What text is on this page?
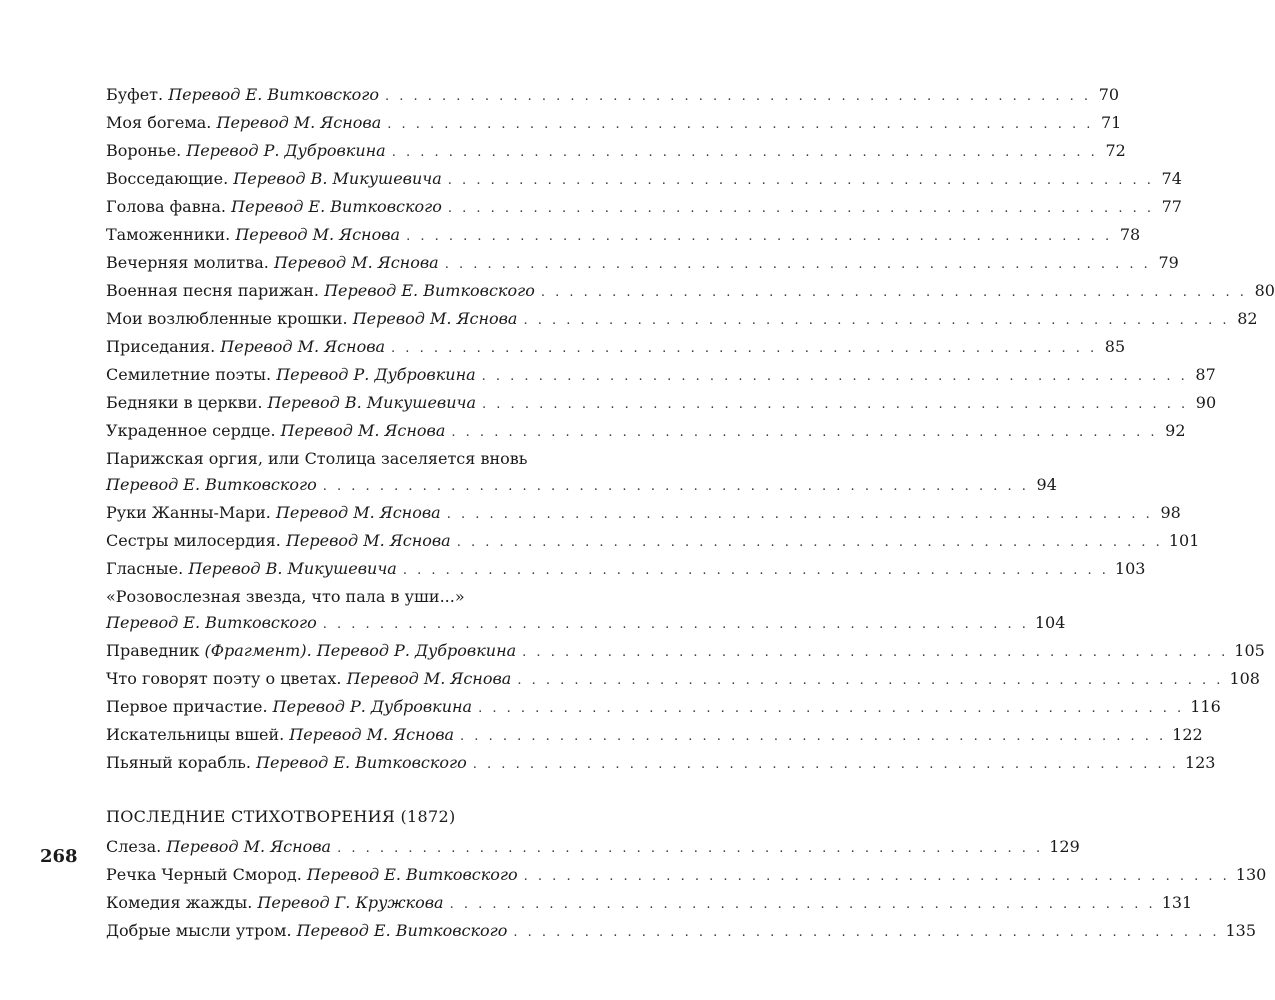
Буфет.
Перевод Е. Витковского . . . . . . . . . . . . . . . . . . . . . . . . . . . . . . . . . . . . . . . . . . . . . . . . . . 70
Моя богема.
Перевод М. Яснова . . . . . . . . . . . . . . . . . . . . . . . . . . . . . . . . . . . . . . . . . . . . . . . . . . 71
Воронье.
Перевод Р. Дубровкина . . . . . . . . . . . . . . . . . . . . . . . . . . . . . . . . . . . . . . . . . . . . . . . . . . 72
Восседающие.
Перевод В. Микушевича . . . . . . . . . . . . . . . . . . . . . . . . . . . . . . . . . . . . . . . . . . . . . . . . . . 74
Голова фавна.
Перевод Е. Витковского . . . . . . . . . . . . . . . . . . . . . . . . . . . . . . . . . . . . . . . . . . . . . . . . . . 77
Таможенники.
Перевод М. Яснова . . . . . . . . . . . . . . . . . . . . . . . . . . . . . . . . . . . . . . . . . . . . . . . . . . 78
Вечерняя молитва.
Перевод М. Яснова . . . . . . . . . . . . . . . . . . . . . . . . . . . . . . . . . . . . . . . . . . . . . . . . . . 79
Военная песня парижан.
Перевод Е. Витковского . . . . . . . . . . . . . . . . . . . . . . . . . . . . . . . . . . . . . . . . . . . . . . . . . . 80
Мои возлюбленные крошки.
Перевод М. Яснова . . . . . . . . . . . . . . . . . . . . . . . . . . . . . . . . . . . . . . . . . . . . . . . . . . 82
Приседания.
Перевод М. Яснова . . . . . . . . . . . . . . . . . . . . . . . . . . . . . . . . . . . . . . . . . . . . . . . . . . 85
Семилетние поэты.
Перевод Р. Дубровкина . . . . . . . . . . . . . . . . . . . . . . . . . . . . . . . . . . . . . . . . . . . . . . . . . . 87
Бедняки в церкви.
Перевод В. Микушевича . . . . . . . . . . . . . . . . . . . . . . . . . . . . . . . . . . . . . . . . . . . . . . . . . . 90
Украденное сердце.
Перевод М. Яснова . . . . . . . . . . . . . . . . . . . . . . . . . . . . . . . . . . . . . . . . . . . . . . . . . . 92
Парижская оргия, или Столица заселяется вновь
Перевод Е. Витковского . . . . . . . . . . . . . . . . . . . . . . . . . . . . . . . . . . . . . . . . . . . . . . . . . . 94
Руки Жанны-Мари.
Перевод М. Яснова . . . . . . . . . . . . . . . . . . . . . . . . . . . . . . . . . . . . . . . . . . . . . . . . . . 98
Сестры милосердия.
Перевод М. Яснова . . . . . . . . . . . . . . . . . . . . . . . . . . . . . . . . . . . . . . . . . . . . . . . . . . 101
Гласные.
Перевод В. Микушевича . . . . . . . . . . . . . . . . . . . . . . . . . . . . . . . . . . . . . . . . . . . . . . . . . . 103
«Розовослезная звезда, что пала в уши...»
Перевод Е. Витковского . . . . . . . . . . . . . . . . . . . . . . . . . . . . . . . . . . . . . . . . . . . . . . . . . . 104
Праведник
(Фрагмент).
Перевод Р. Дубровкина . . . . . . . . . . . . . . . . . . . . . . . . . . . . . . . . . . . . . . . . . . . . . . . . . . 105
Что говорят поэту о цветах.
Перевод М. Яснова . . . . . . . . . . . . . . . . . . . . . . . . . . . . . . . . . . . . . . . . . . . . . . . . . . 108
Первое причастие.
Перевод Р. Дубровкина . . . . . . . . . . . . . . . . . . . . . . . . . . . . . . . . . . . . . . . . . . . . . . . . . . 116
Искательницы вшей.
Перевод М. Яснова . . . . . . . . . . . . . . . . . . . . . . . . . . . . . . . . . . . . . . . . . . . . . . . . . . 122
Пьяный корабль.
Перевод Е. Витковского . . . . . . . . . . . . . . . . . . . . . . . . . . . . . . . . . . . . . . . . . . . . . . . . . . 123
ПОСЛЕДНИЕ СТИХОТВОРЕНИЯ (1872)
Слеза.
Перевод М. Яснова . . . . . . . . . . . . . . . . . . . . . . . . . . . . . . . . . . . . . . . . . . . . . . . . . . 129
Речка Черный Смород.
Перевод Е. Витковского . . . . . . . . . . . . . . . . . . . . . . . . . . . . . . . . . . . . . . . . . . . . . . . . . . 130
Комедия жажды.
Перевод Г. Кружкова . . . . . . . . . . . . . . . . . . . . . . . . . . . . . . . . . . . . . . . . . . . . . . . . . . 131
Добрые мысли утром.
Перевод Е. Витковского . . . . . . . . . . . . . . . . . . . . . . . . . . . . . . . . . . . . . . . . . . . . . . . . . . 135
268
